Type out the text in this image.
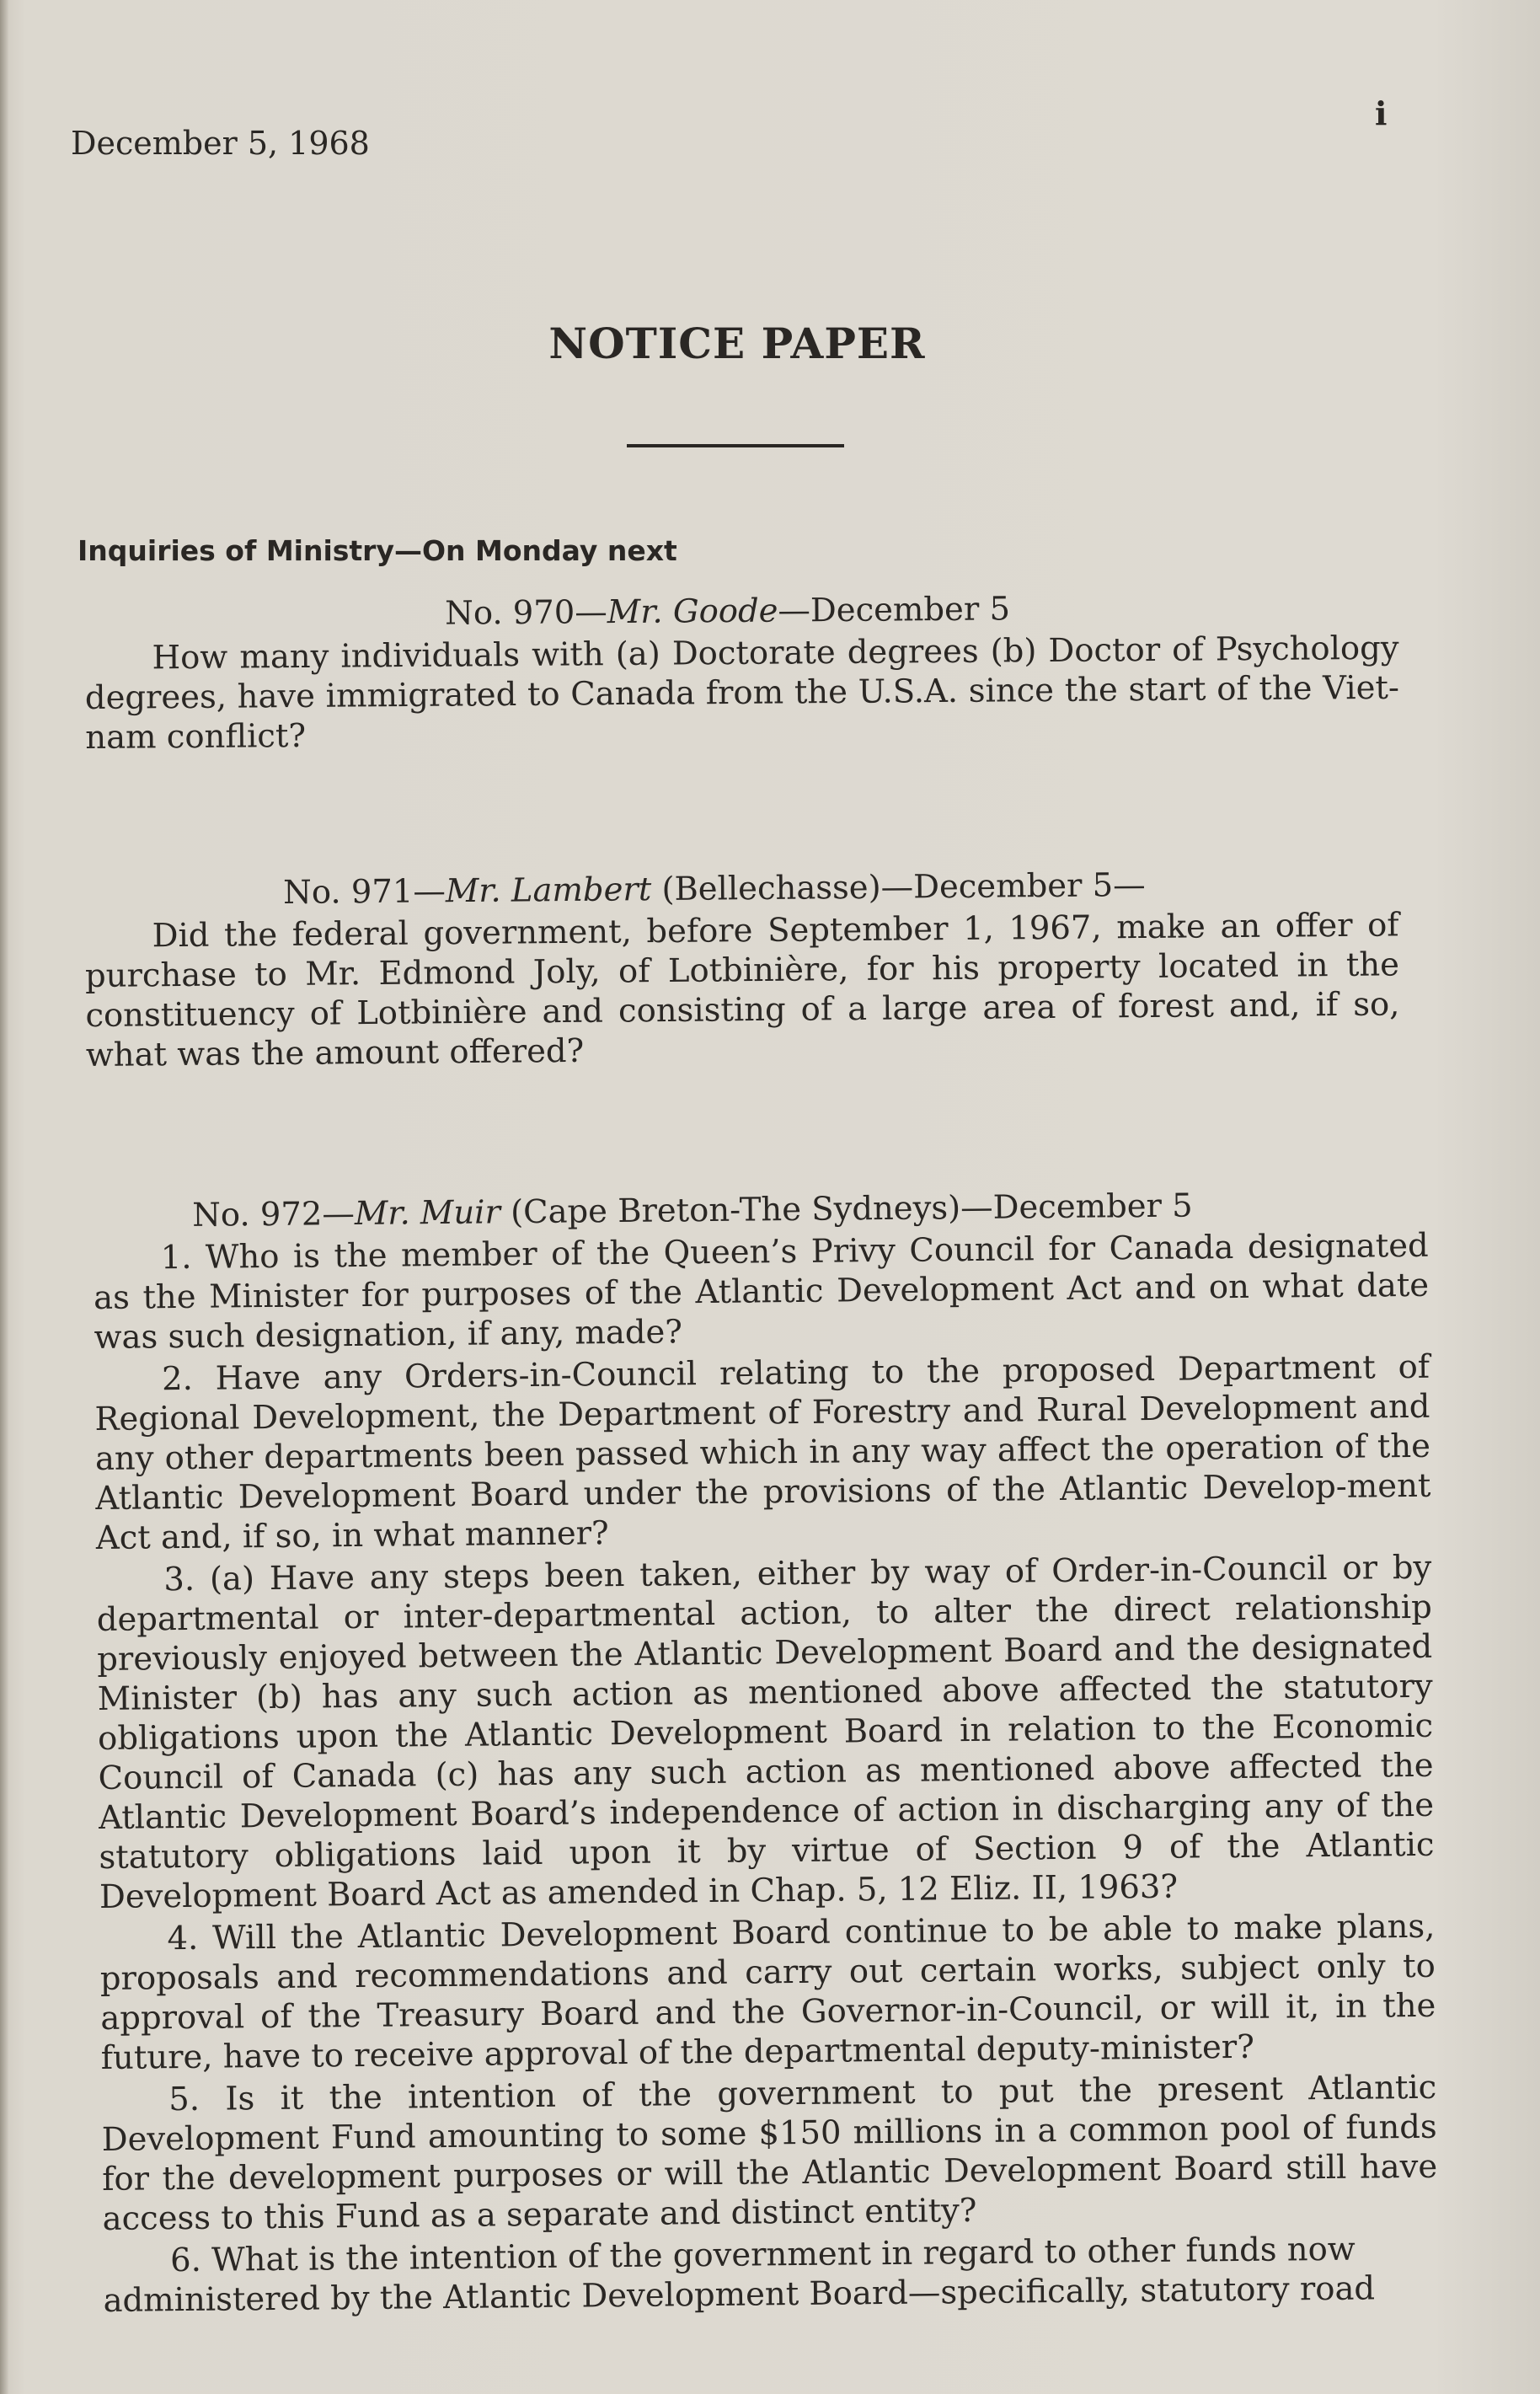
December 5, 1968
i
NOTICE PAPER
Inquiries of Ministry—On Monday next
No. 970—Mr. Goode—December 5

How many individuals with (a) Doctorate degrees (b) Doctor of Psychology degrees, have immigrated to Canada from the U.S.A. since the start of the Viet-nam conflict?

No. 971—Mr. Lambert (Bellechasse)—December 5—

Did the federal government, before September 1, 1967, make an offer of purchase to Mr. Edmond Joly, of Lotbinière, for his property located in the constituency of Lotbinière and consisting of a large area of forest and, if so, what was the amount offered?

No. 972—Mr. Muir (Cape Breton-The Sydneys)—December 5

1. Who is the member of the Queen’s Privy Council for Canada designated as the Minister for purposes of the Atlantic Development Act and on what date was such designation, if any, made?

2. Have any Orders-in-Council relating to the proposed Department of Regional Development, the Department of Forestry and Rural Development and any other departments been passed which in any way affect the operation of the Atlantic Development Board under the provisions of the Atlantic Develop-ment Act and, if so, in what manner?

3. (a) Have any steps been taken, either by way of Order-in-Council or by departmental or inter-departmental action, to alter the direct relationship previously enjoyed between the Atlantic Development Board and the designated Minister (b) has any such action as mentioned above affected the statutory obligations upon the Atlantic Development Board in relation to the Economic Council of Canada (c) has any such action as mentioned above affected the Atlantic Development Board’s independence of action in discharging any of the statutory obligations laid upon it by virtue of Section 9 of the Atlantic Development Board Act as amended in Chap. 5, 12 Eliz. II, 1963?

4. Will the Atlantic Development Board continue to be able to make plans, proposals and recommendations and carry out certain works, subject only to approval of the Treasury Board and the Governor-in-Council, or will it, in the future, have to receive approval of the departmental deputy-minister?

5. Is it the intention of the government to put the present Atlantic Development Fund amounting to some $150 millions in a common pool of funds for the development purposes or will the Atlantic Development Board still have access to this Fund as a separate and distinct entity?

6. What is the intention of the government in regard to other funds now administered by the Atlantic Development Board—specifically, statutory road
